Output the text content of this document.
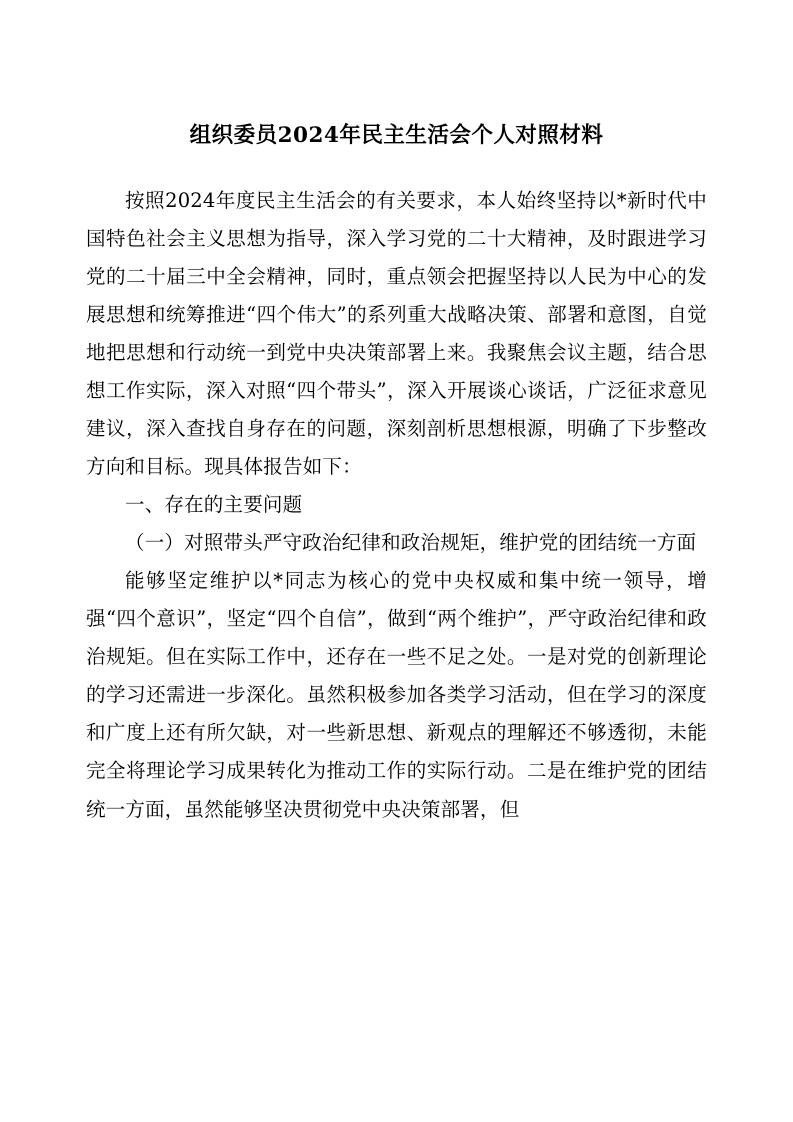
组织委员2024年民主生活会个人对照材料

按照2024年度民主生活会的有关要求，本人始终坚持以*新时代中国特色社会主义思想为指导，深入学习党的二十大精神，及时跟进学习党的二十届三中全会精神，同时，重点领会把握坚持以人民为中心的发展思想和统筹推进“四个伟大”的系列重大战略决策、部署和意图，自觉地把思想和行动统一到党中央决策部署上来。我聚焦会议主题，结合思想工作实际，深入对照“四个带头”，深入开展谈心谈话，广泛征求意见建议，深入查找自身存在的问题，深刻剖析思想根源，明确了下步整改方向和目标。现具体报告如下：

一、存在的主要问题

（一）对照带头严守政治纪律和政治规矩，维护党的团结统一方面

能够坚定维护以*同志为核心的党中央权威和集中统一领导，增强“四个意识”，坚定“四个自信”，做到“两个维护”，严守政治纪律和政治规矩。但在实际工作中，还存在一些不足之处。一是对党的创新理论的学习还需进一步深化。虽然积极参加各类学习活动，但在学习的深度和广度上还有所欠缺，对一些新思想、新观点的理解还不够透彻，未能完全将理论学习成果转化为推动工作的实际行动。二是在维护党的团结统一方面，虽然能够坚决贯彻党中央决策部署，但
